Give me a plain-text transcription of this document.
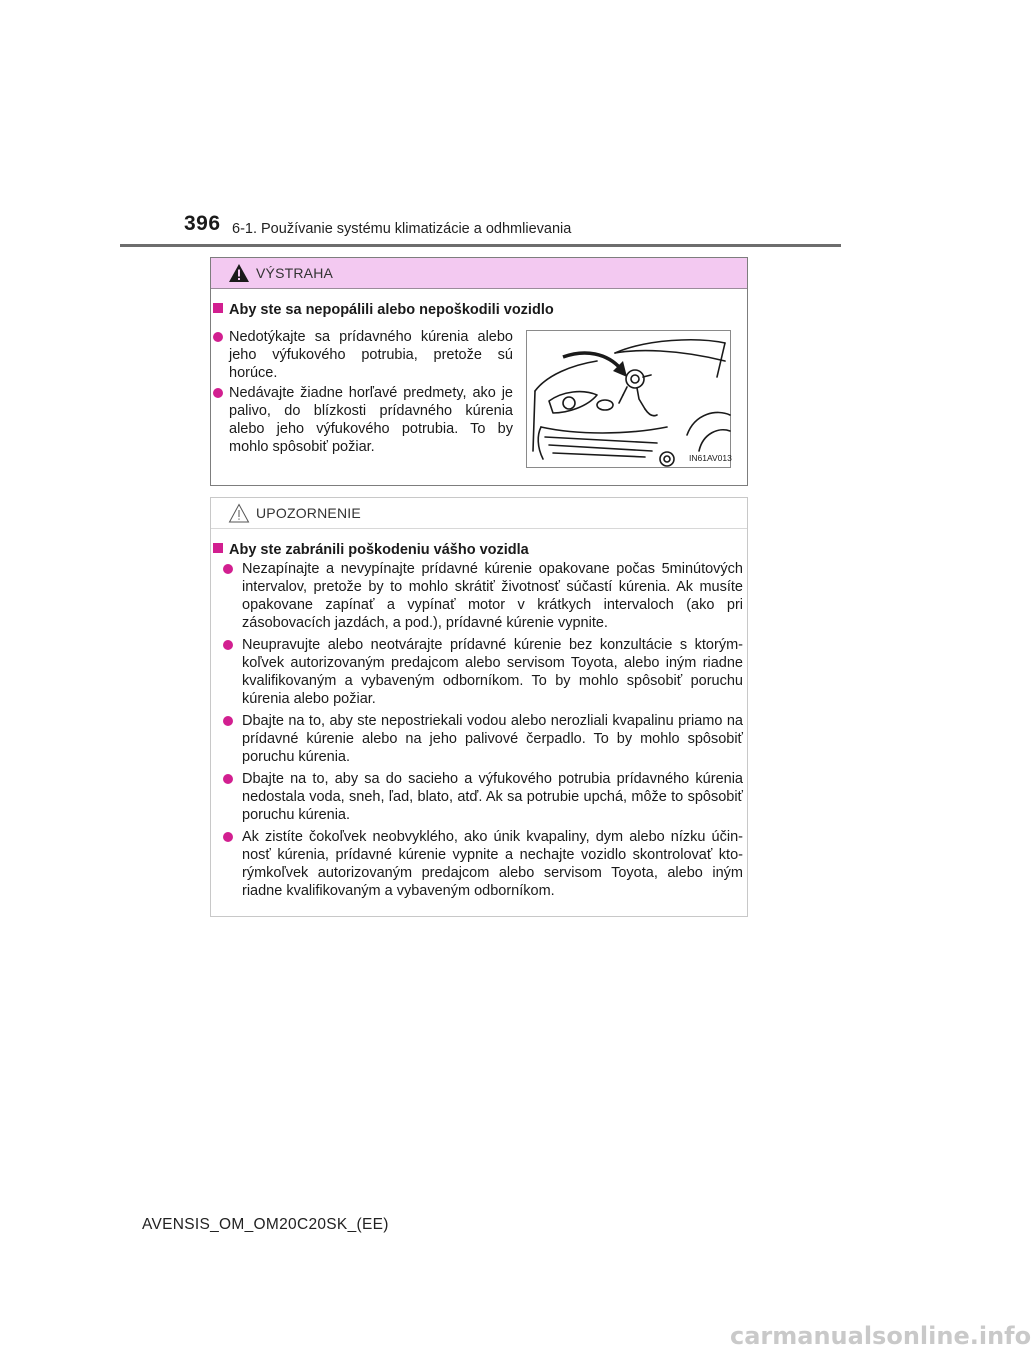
396 6-1. Používanie systému klimatizácie a odhmlievania
VÝSTRAHA
Aby ste sa nepopálili alebo nepoškodili vozidlo
Nedotýkajte sa prídavného kúrenia alebo jeho výfukového potrubia, pretože sú horúce.
Nedávajte žiadne horľavé predmety, ako je palivo, do blízkosti prídavného kúrenia alebo jeho výfukového potrubia. To by mohlo spôsobiť požiar.
IN61AV013
UPOZORNENIE
Aby ste zabránili poškodeniu vášho vozidla
Nezapínajte a nevypínajte prídavné kúrenie opakovane počas 5minútových intervalov, pretože by to mohlo skrátiť životnosť súčastí kúrenia. Ak musíte opakovane zapínať a vypínať motor v krátkych intervaloch (ako pri zásobovacích jazdách, a pod.), prídavné kúrenie vypnite.
Neupravujte alebo neotvárajte prídavné kúrenie bez konzultácie s ktorýmkoľvek autorizovaným predajcom alebo servisom Toyota, alebo iným riadne kvalifikovaným a vybaveným odborníkom. To by mohlo spôsobiť poruchu kúrenia alebo požiar.
Dbajte na to, aby ste nepostriekali vodou alebo nerozliali kvapalinu priamo na prídavné kúrenie alebo na jeho palivové čerpadlo. To by mohlo spôsobiť poruchu kúrenia.
Dbajte na to, aby sa do sacieho a výfukového potrubia prídavného kúrenia nedostala voda, sneh, ľad, blato, atď. Ak sa potrubie upchá, môže to spôsobiť poruchu kúrenia.
Ak zistíte čokoľvek neobvyklého, ako únik kvapaliny, dym alebo nízku účinnosť kúrenia, prídavné kúrenie vypnite a nechajte vozidlo skontrolovať ktorýmkoľvek autorizovaným predajcom alebo servisom Toyota, alebo iným riadne kvalifikovaným a vybaveným odborníkom.
AVENSIS_OM_OM20C20SK_(EE)
carmanualsonline.info
